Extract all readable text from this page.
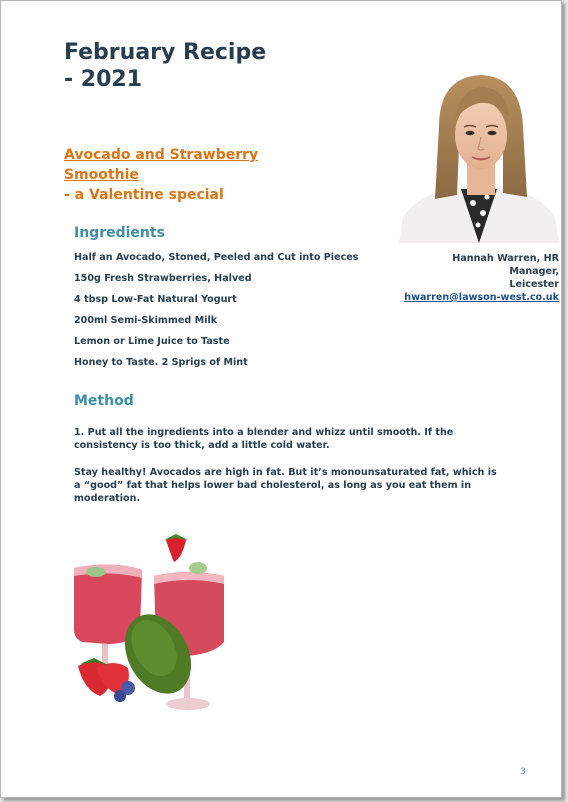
February Recipe
- 2021
Avocado and Strawberry
Smoothie
- a Valentine special
Ingredients
Half an Avocado, Stoned, Peeled and Cut into Pieces
150g Fresh Strawberries, Halved
4 tbsp Low-Fat Natural Yogurt
200ml Semi-Skimmed Milk
Lemon or Lime Juice to Taste
Honey to Taste. 2 Sprigs of Mint
Hannah Warren, HR Manager,
Leicester
hwarren@lawson-west.co.uk
Method

1. Put all the ingredients into a blender and whizz until smooth. If the consistency is too thick, add a little cold water.

Stay healthy! Avocados are high in fat. But it’s monounsaturated fat, which is a “good” fat that helps lower bad cholesterol, as long as you eat them in moderation.

3
